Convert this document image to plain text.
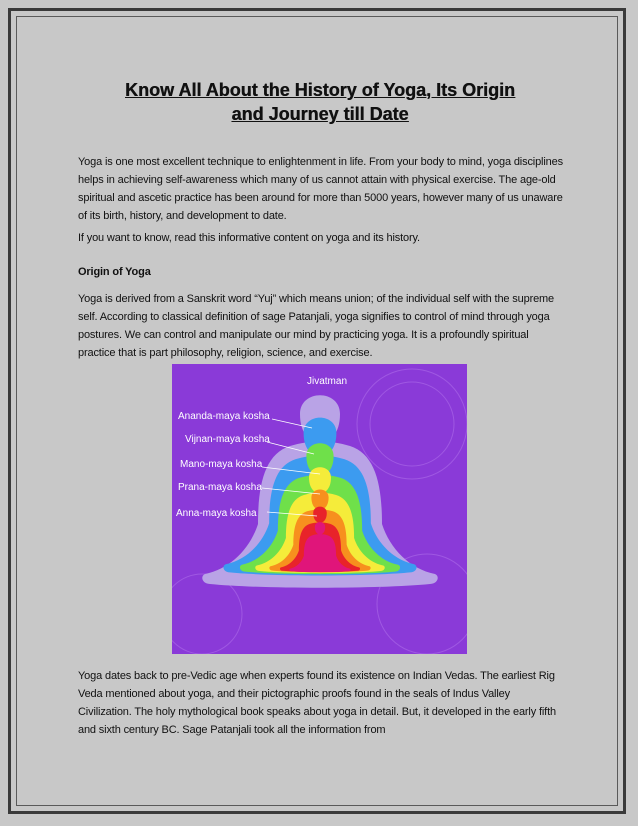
Know All About the History of Yoga, Its Origin
and Journey till Date

Yoga is one most excellent technique to enlightenment in life. From your body to mind, yoga disciplines helps in achieving self-awareness which many of us cannot attain with physical exercise. The age-old spiritual and ascetic practice has been around for more than 5000 years, however many of us unaware of its birth, history, and development to date.

If you want to know, read this informative content on yoga and its history.

Origin of Yoga

Yoga is derived from a Sanskrit word “Yuj” which means union; of the individual self with the supreme self. According to classical definition of sage Patanjali, yoga signifies to control of mind through yoga postures. We can control and manipulate our mind by practicing yoga. It is a profoundly spiritual practice that is part philosophy, religion, science, and exercise.

Jivatman
Ananda-maya kosha
Vijnan-maya kosha
Mano-maya kosha
Prana-maya kosha
Anna-maya kosha

Yoga dates back to pre-Vedic age when experts found its existence on Indian Vedas. The earliest Rig Veda mentioned about yoga, and their pictographic proofs found in the seals of Indus Valley Civilization. The holy mythological book speaks about yoga in detail. But, it developed in the early fifth and sixth century BC. Sage Patanjali took all the information from
